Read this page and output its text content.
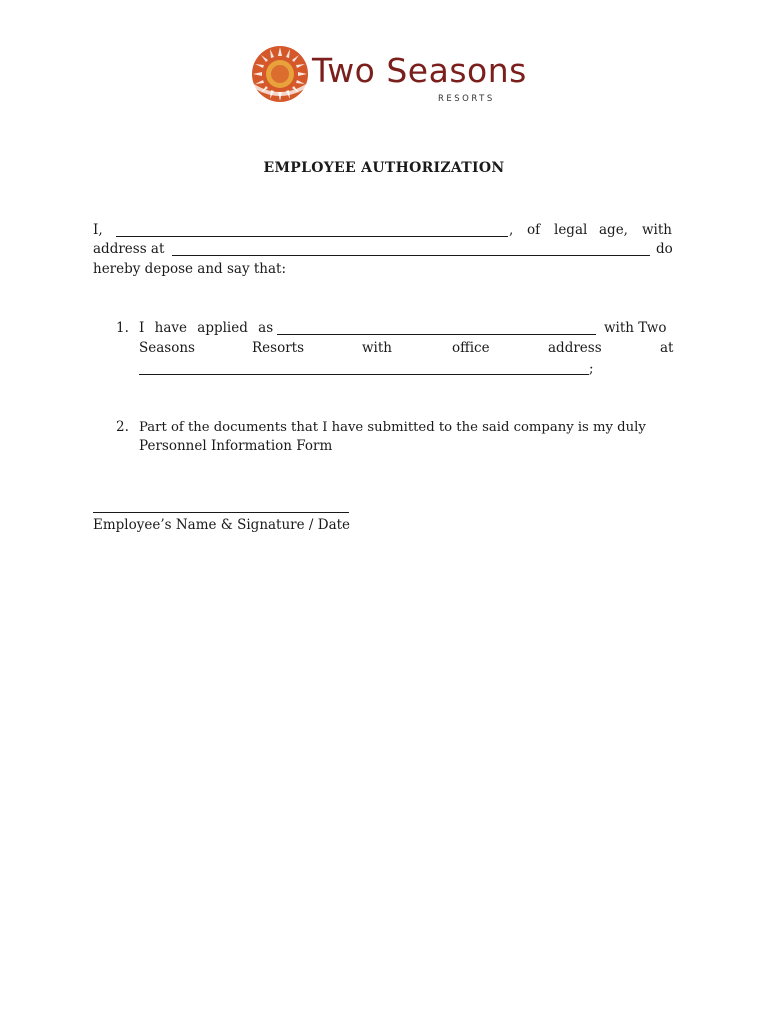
Two Seasons
RESORTS
EMPLOYEE AUTHORIZATION
I,	, of legal age, with
address at	do
hereby depose and say that:
1. I have applied as	with Two
Seasons	Resorts	with	office	address	at
;
2. Part of the documents that I have submitted to the said company is my duly
Personnel Information Form
Employee’s Name & Signature / Date
